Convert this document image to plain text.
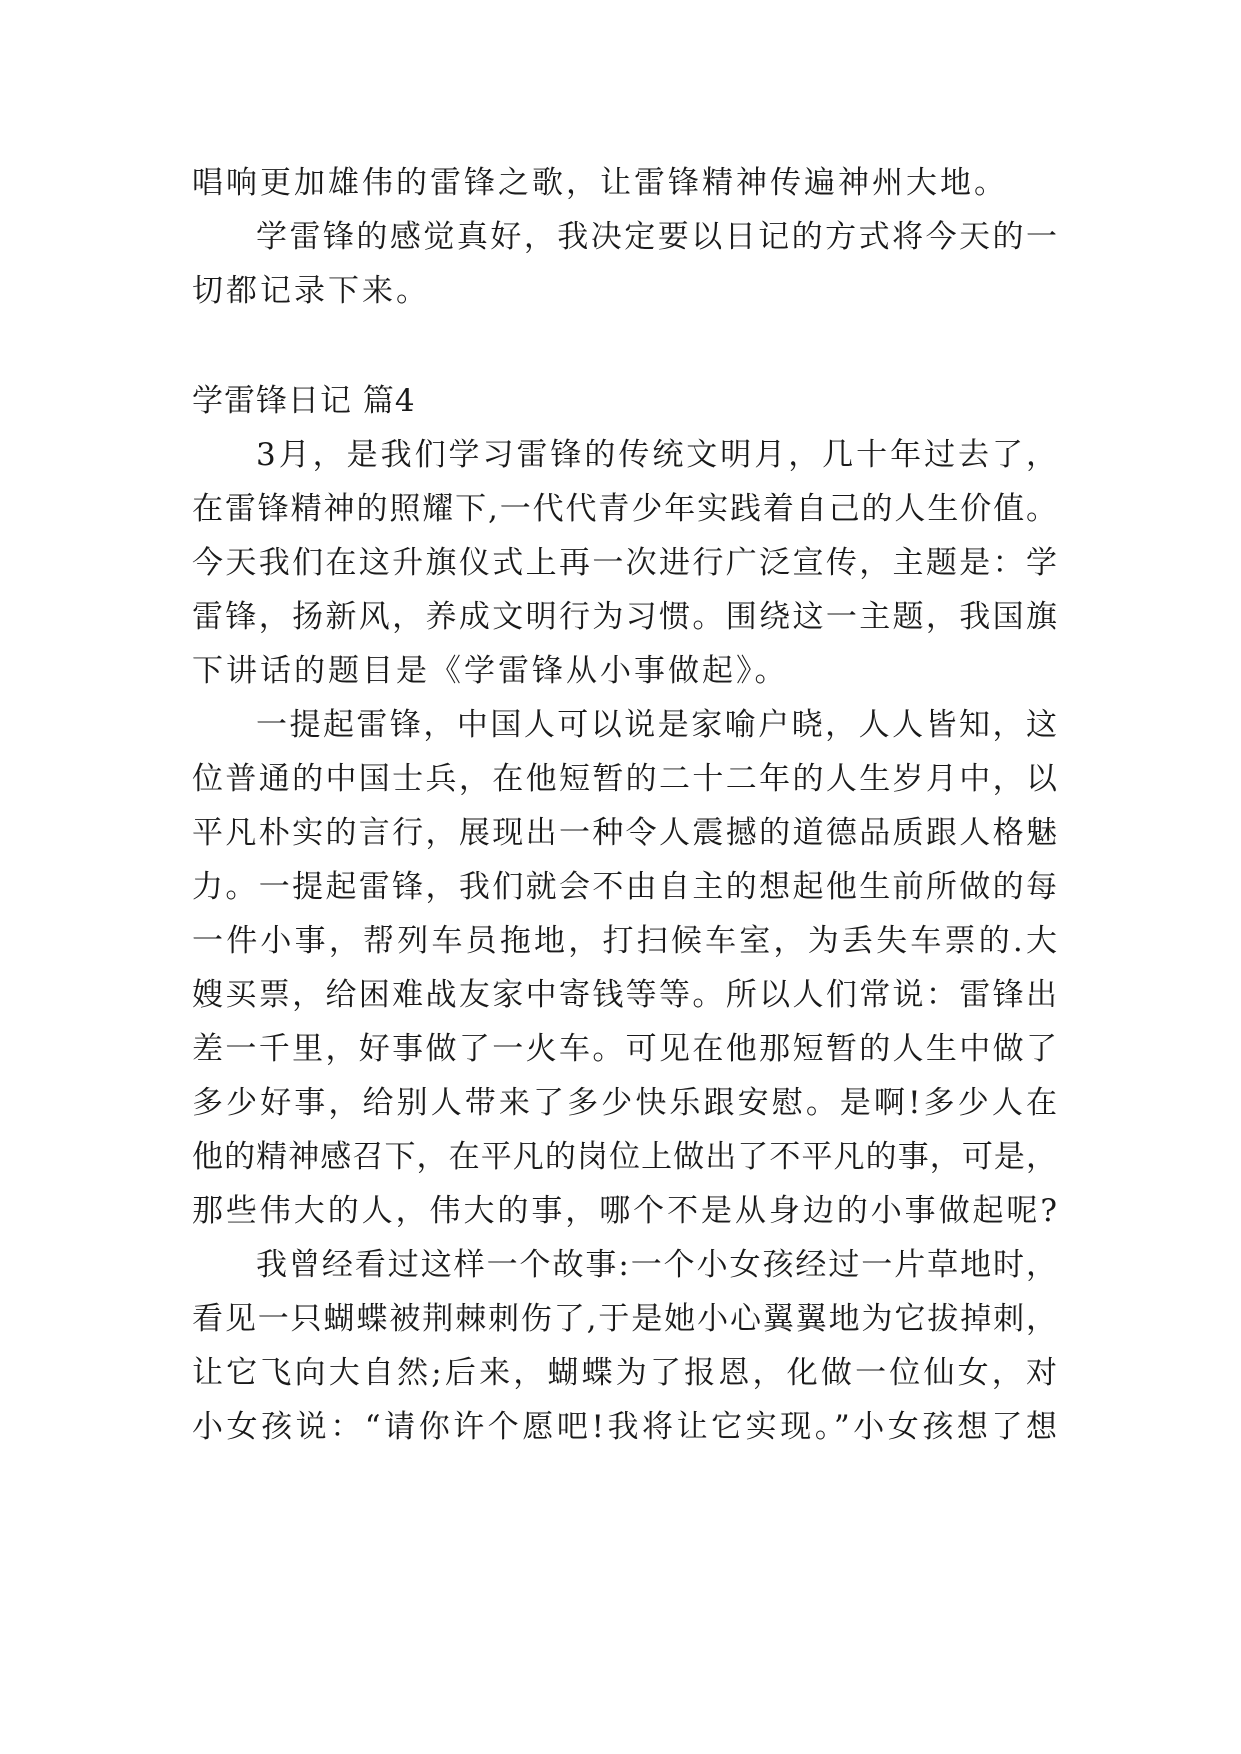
唱响更加雄伟的雷锋之歌，让雷锋精神传遍神州大地。
学雷锋的感觉真好，我决定要以日记的方式将今天的一
切都记录下来。
学雷锋日记 篇4
3月，是我们学习雷锋的传统文明月，几十年过去了，
在雷锋精神的照耀下,一代代青少年实践着自己的人生价值。
今天我们在这升旗仪式上再一次进行广泛宣传，主题是：学
雷锋，扬新风，养成文明行为习惯。围绕这一主题，我国旗
下讲话的题目是《学雷锋从小事做起》。
一提起雷锋，中国人可以说是家喻户晓，人人皆知，这
位普通的中国士兵，在他短暂的二十二年的人生岁月中，以
平凡朴实的言行，展现出一种令人震撼的道德品质跟人格魅
力。一提起雷锋，我们就会不由自主的想起他生前所做的每
一件小事，帮列车员拖地，打扫候车室，为丢失车票的.大
嫂买票，给困难战友家中寄钱等等。所以人们常说：雷锋出
差一千里，好事做了一火车。可见在他那短暂的人生中做了
多少好事，给别人带来了多少快乐跟安慰。是啊!多少人在
他的精神感召下，在平凡的岗位上做出了不平凡的事，可是，
那些伟大的人，伟大的事，哪个不是从身边的小事做起呢?
我曾经看过这样一个故事:一个小女孩经过一片草地时，
看见一只蝴蝶被荆棘刺伤了,于是她小心翼翼地为它拔掉刺，
让它飞向大自然;后来，蝴蝶为了报恩，化做一位仙女，对
小女孩说：“请你许个愿吧!我将让它实现。”小女孩想了想
